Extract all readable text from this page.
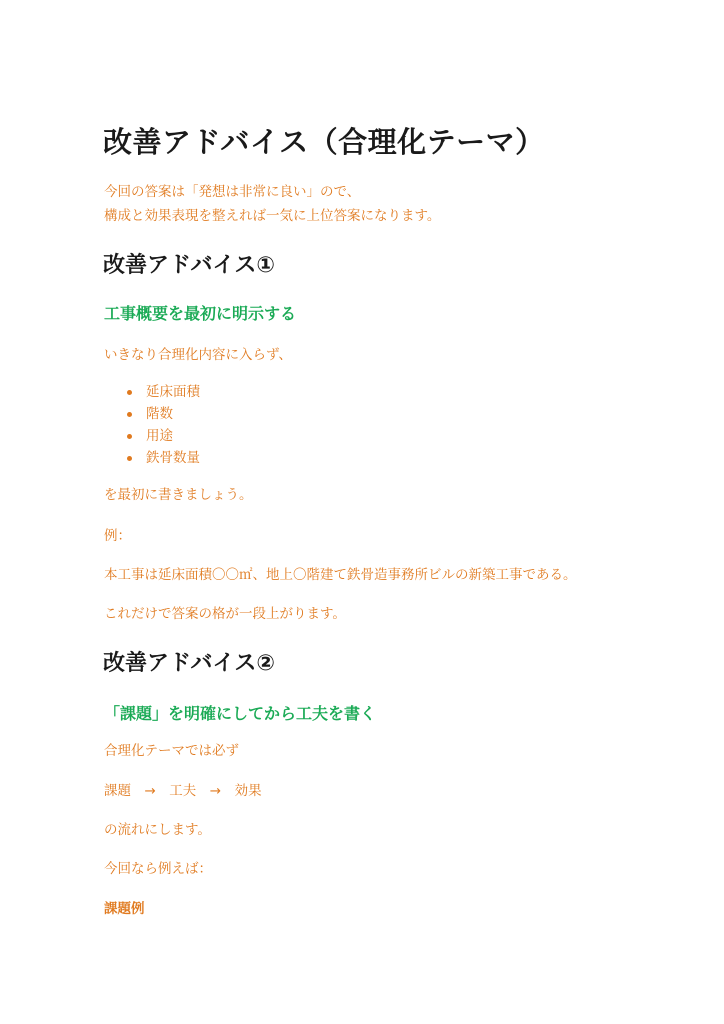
改善アドバイス（合理化テーマ）

今回の答案は「発想は非常に良い」ので、

構成と効果表現を整えれば一気に上位答案になります。

改善アドバイス①
工事概要を最初に明示する

いきなり合理化内容に入らず、

延床面積
階数
用途
鉄骨数量

を最初に書きましょう。

例：

本工事は延床面積〇〇㎡、地上〇階建て鉄骨造事務所ビルの新築工事である。

これだけで答案の格が一段上がります。

改善アドバイス②
「課題」を明確にしてから工夫を書く

合理化テーマでは必ず

課題　→　工夫　→　効果

の流れにします。

今回なら例えば：

課題例
